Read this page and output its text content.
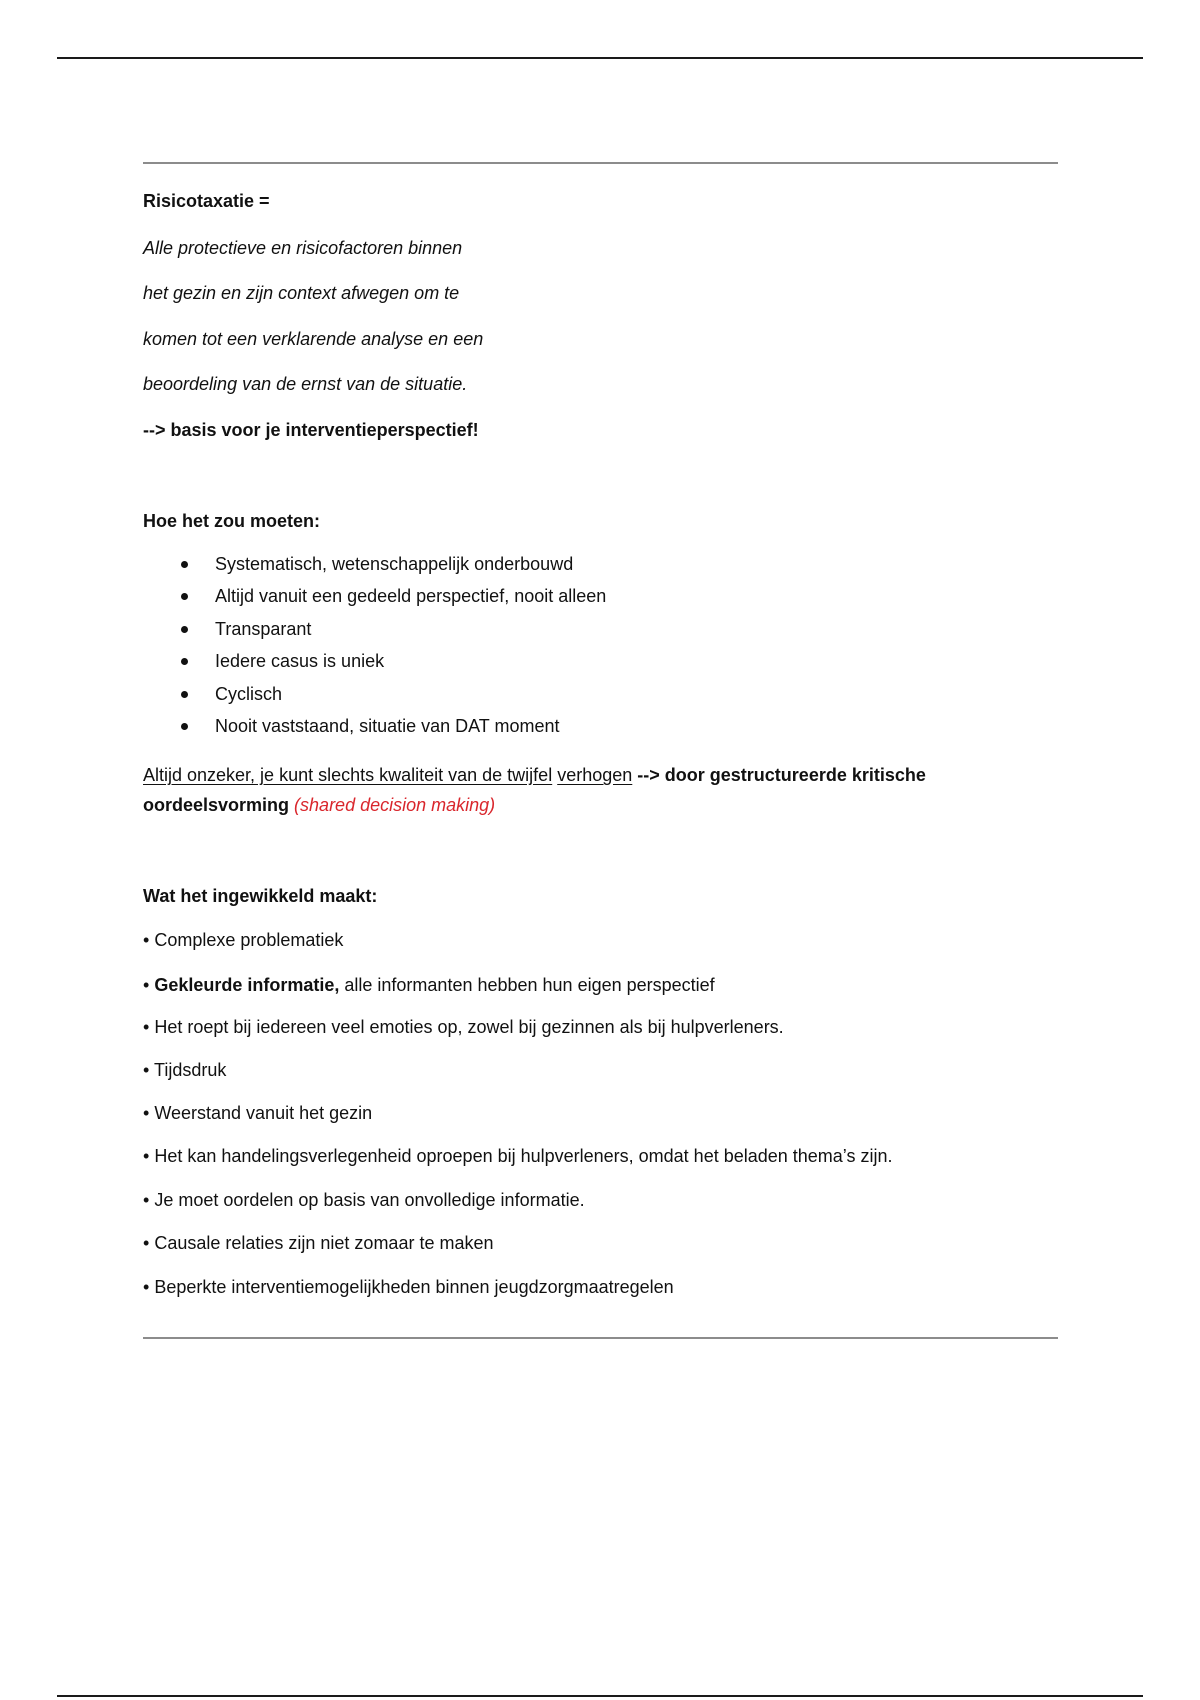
Risicotaxatie =
Alle protectieve en risicofactoren binnen
het gezin en zijn context afwegen om te
komen tot een verklarende analyse en een
beoordeling van de ernst van de situatie.
--> basis voor je interventieperspectief!
Hoe het zou moeten:
Systematisch, wetenschappelijk onderbouwd
Altijd vanuit een gedeeld perspectief, nooit alleen
Transparant
Iedere casus is uniek
Cyclisch
Nooit vaststaand, situatie van DAT moment
Altijd onzeker, je kunt slechts kwaliteit van de twijfel verhogen --> door gestructureerde kritische
oordeelsvorming (shared decision making)
Wat het ingewikkeld maakt:
• Complexe problematiek
• Gekleurde informatie, alle informanten hebben hun eigen perspectief
• Het roept bij iedereen veel emoties op, zowel bij gezinnen als bij hulpverleners.
• Tijdsdruk
• Weerstand vanuit het gezin
• Het kan handelingsverlegenheid oproepen bij hulpverleners, omdat het beladen thema’s zijn.
• Je moet oordelen op basis van onvolledige informatie.
• Causale relaties zijn niet zomaar te maken
• Beperkte interventiemogelijkheden binnen jeugdzorgmaatregelen
